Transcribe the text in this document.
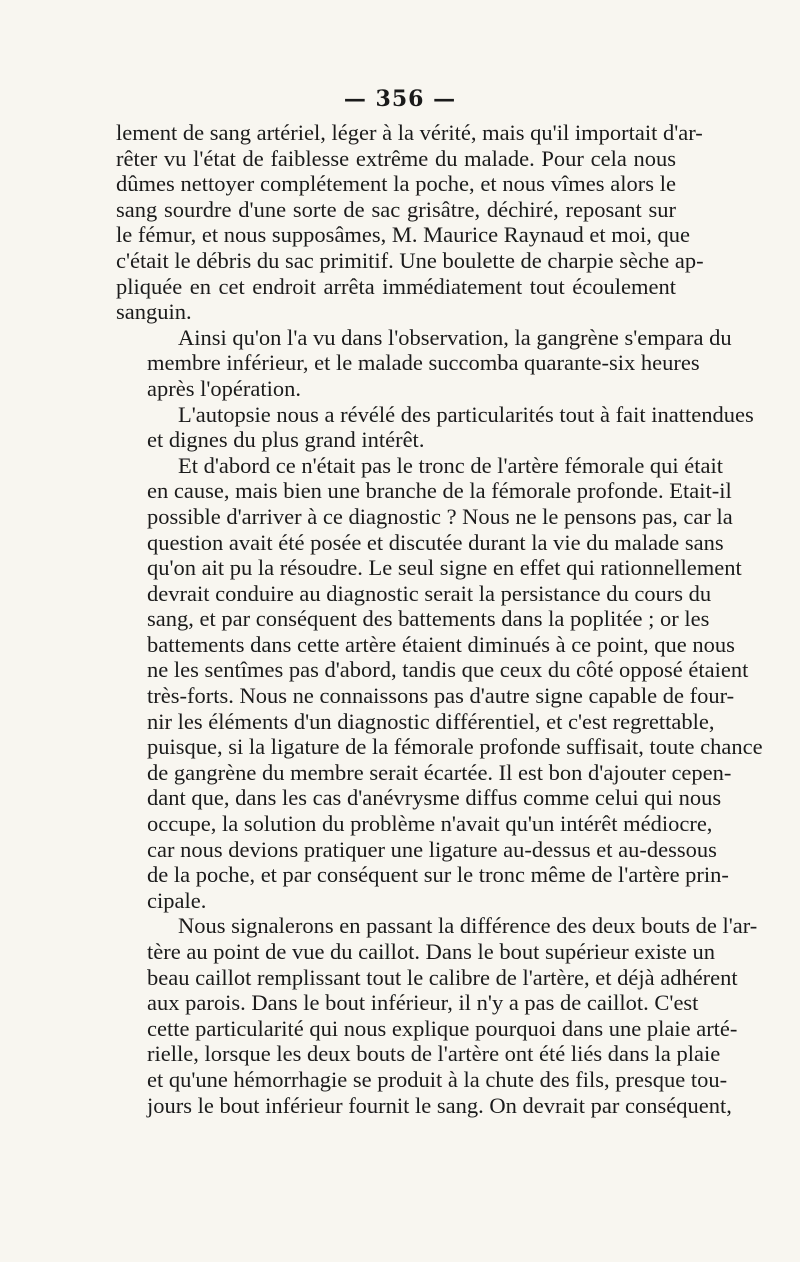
— 356 —
lement de sang artériel, léger à la vérité, mais qu'il importait d'ar-
rêter vu l'état de faiblesse extrême du malade. Pour cela nous
dûmes nettoyer complétement la poche, et nous vîmes alors le
sang sourdre d'une sorte de sac grisâtre, déchiré, reposant sur
le fémur, et nous supposâmes, M. Maurice Raynaud et moi, que
c'était le débris du sac primitif. Une boulette de charpie sèche ap-
pliquée en cet endroit arrêta immédiatement tout écoulement
sanguin.
Ainsi qu'on l'a vu dans l'observation, la gangrène s'empara du
membre inférieur, et le malade succomba quarante-six heures
après l'opération.
L'autopsie nous a révélé des particularités tout à fait inattendues
et dignes du plus grand intérêt.
Et d'abord ce n'était pas le tronc de l'artère fémorale qui était
en cause, mais bien une branche de la fémorale profonde. Etait-il
possible d'arriver à ce diagnostic ? Nous ne le pensons pas, car la
question avait été posée et discutée durant la vie du malade sans
qu'on ait pu la résoudre. Le seul signe en effet qui rationnellement
devrait conduire au diagnostic serait la persistance du cours du
sang, et par conséquent des battements dans la poplitée ; or les
battements dans cette artère étaient diminués à ce point, que nous
ne les sentîmes pas d'abord, tandis que ceux du côté opposé étaient
très-forts. Nous ne connaissons pas d'autre signe capable de four-
nir les éléments d'un diagnostic différentiel, et c'est regrettable,
puisque, si la ligature de la fémorale profonde suffisait, toute chance
de gangrène du membre serait écartée. Il est bon d'ajouter cepen-
dant que, dans les cas d'anévrysme diffus comme celui qui nous
occupe, la solution du problème n'avait qu'un intérêt médiocre,
car nous devions pratiquer une ligature au-dessus et au-dessous
de la poche, et par conséquent sur le tronc même de l'artère prin-
cipale.
Nous signalerons en passant la différence des deux bouts de l'ar-
tère au point de vue du caillot. Dans le bout supérieur existe un
beau caillot remplissant tout le calibre de l'artère, et déjà adhérent
aux parois. Dans le bout inférieur, il n'y a pas de caillot. C'est
cette particularité qui nous explique pourquoi dans une plaie arté-
rielle, lorsque les deux bouts de l'artère ont été liés dans la plaie
et qu'une hémorrhagie se produit à la chute des fils, presque tou-
jours le bout inférieur fournit le sang. On devrait par conséquent,
